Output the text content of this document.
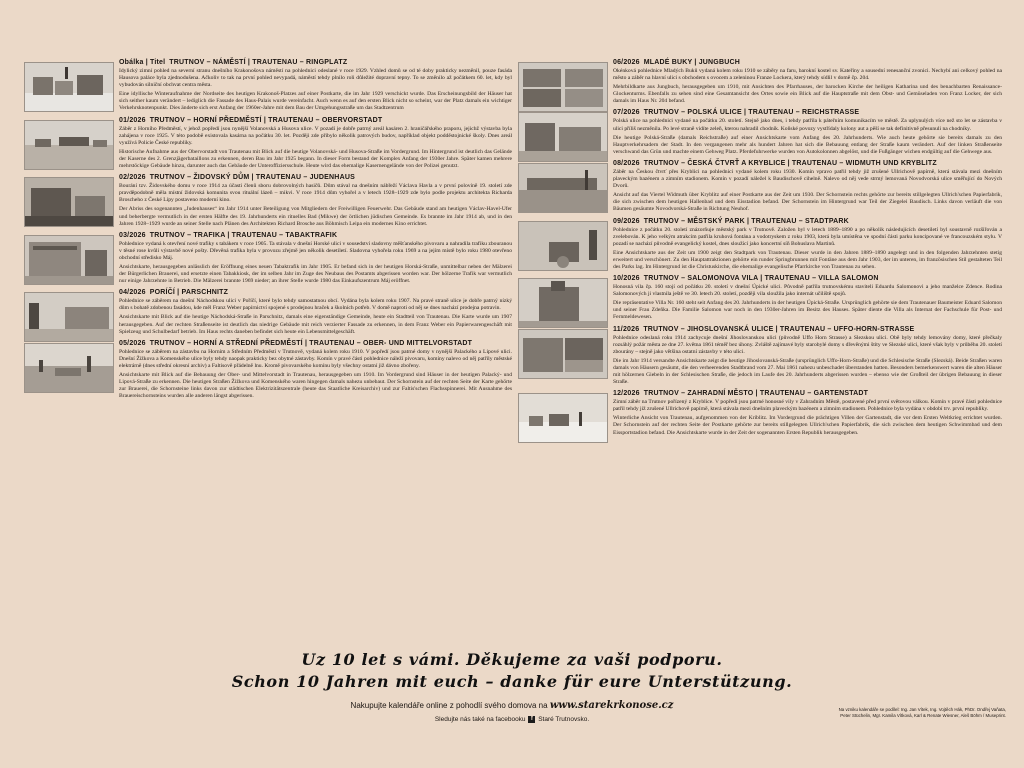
Obálka | Titel TRUTNOV – NÁMĚSTÍ | TRAUTENAU – RINGPLATZ

Idylický zimní pohled na severní stranu dnešního Krakonošova náměstí na pohlednici odeslané v roce 1929. Vzhled domů se od té doby prakticky nezměnil, pouze fasáda Hausova paláce byla zjednodušena. Ačkoliv to tak na první pohled nevypadá, náměstí tehdy plnilo roli důležité dopravní tepny. To se změnilo až počátkem 60. let, kdy byl vybudován silniční obchvat centra města.

Eine idyllische Winteraufnahme der Nordseite des heutigen Krakonoš-Platzes auf einer Postkarte, die im Jahr 1929 verschickt wurde. Das Erscheinungsbild der Häuser hat sich seither kaum verändert – lediglich die Fassade des Haus-Palais wurde vereinfacht. Auch wenn es auf den ersten Blick nicht so scheint, war der Platz damals ein wichtiger Verkehrsknotenpunkt. Dies änderte sich erst Anfang der 1960er-Jahre mit dem Bau der Umgehungsstraße um das Stadtzentrum

01/2026 TRUTNOV – HORNÍ PŘEDMĚSTÍ | TRAUTENAU – OBERVORSTADT

Záběr z Horního Předměstí, v jehož popředí jsou nynější Volanovská a Husova ulice. V pozadí je dobře patrný areál kasáren 2. hraničářského praporu, jejichž výstavba byla zahájena v roce 1925. V této podobě existovala kasárna na počátku 30. let. Později zde přibylo několik patrových budov, například objekt podděstojnické školy. Dnes areál využívá Policie České republiky.

Historische Aufnahme aus der Obervorstadt von Trautenau mit Blick auf die heutige Volanovská- und Husova-Straße im Vordergrund. Im Hintergrund ist deutlich das Gelände der Kaserne des 2. Grenzjägerbataillons zu erkennen, deren Bau im Jahr 1925 begann. In dieser Form bestand der Komplex Anfang der 1930er Jahre. Später kamen mehrere mehrstöckige Gebäude hinzu, darunter auch das Gebäude der Unteroffiziersschule. Heute wird das ehemalige Kasernengelände von der Polizei genutzt.

02/2026 TRUTNOV – ŽIDOVSKÝ DŮM | TRAUTENAU – JUDENHAUS

Bourání tzv. Židovského domu v roce 1914 za účasti členů sboru dobrovolných hasičů. Dům stával na dnešním nábřeží Václava Havla a v první polovině 19. století zde pravděpodobně měla místní židovská komunita svou rituální lázeň – mikvi. V roce 1914 dům vyhořel a v letech 1928–1929 zde bylo podle projektu architekta Richarda Broscheho z České Lípy postaveno moderní kino.

Der Abriss des sogenannten „Judenhauses“ im Jahr 1914 unter Beteiligung von Mitgliedern der Freiwilligen Feuerwehr. Das Gebäude stand am heutigen Václav-Havel-Ufer und beherbergte vermutlich in der ersten Hälfte des 19. Jahrhunderts ein rituelles Bad (Mikwe) der örtlichen jüdischen Gemeinde. Es brannte im Jahr 1914 ab, und in den Jahren 1928–1929 wurde an seiner Stelle nach Plänen des Architekten Richard Brosche aus Böhmisch Leipa ein modernes Kino errichtet.

03/2026 TRUTNOV – TRAFIKA | TRAUTENAU – TABAKTRAFIK

Pohlednice vydaná k otevření nové trafiky s tabákem v roce 1905. Ta stávala v dnešní Horské ulici v sousedství sladovny měšťanského pivovaru a nahradila trafiku zbouranou v těsné rose kvůli výstavbě nové pošty. Dřevěná trafika byla v provozu zřejmě jen několik desetiletí. Sladovna vyhořela roku 1969 a na jejím místě bylo roku 1980 otevřeno obchodní středisko Máj.

Ansichtskarte, herausgegeben anlässlich der Eröffnung eines neuen Tabaktrafik im Jahr 1905. Er befand sich in der heutigen Horská-Straße, unmittelbar neben der Mälzerei der Bürgerlichen Brauerei, und ersetzte einen Tabakkiosk, der im selben Jahr im Zuge des Neubaus des Postamts abgerissen worden war. Der hölzerne Trafik war vermutlich nur einige Jahrzehnte in Betrieb. Die Mälzerei brannte 1969 nieder; an ihrer Stelle wurde 1980 das Einkaufszentrum Máj eröffnet.

04/2026 PORÍČÍ | PARSCHNITZ

Pohlednice se záběrem na dnešní Náchodskou ulici v Poříčí, které bylo tehdy samostatnou obcí. Vydána byla kolem roku 1907. Na pravé straně ulice je dobře patrný nízký dům s bohatě zdobenou fasádou, kde měl Franz Weber papírnictví spojené s prodejnou hraček a školních potřeb. V domě naproti od něj se dnes nachází prodejna potravin.

Ansichtskarte mit Blick auf die heutige Náchodská-Straße in Parschnitz, damals eine eigenständige Gemeinde, heute ein Stadtteil von Trautenau. Die Karte wurde um 1907 herausgegeben. Auf der rechten Straßenseite ist deutlich das niedrige Gebäude mit reich verzierter Fassade zu erkennen, in dem Franz Weber ein Papierwarengeschäft mit Spielzeug und Schulbedarf betrieb. Im Haus rechts daneben befindet sich heute ein Lebensmittelgeschäft.

05/2026 TRUTNOV – HORNÍ A STŘEDNÍ PŘEDMĚSTÍ | TRAUTENAU – OBER- UND MITTELVORSTADT

Pohlednice se záběrem na zástavbu na Horním a Středním Předměstí v Trutnově, vydaná kolem roku 1910. V popředí jsou patrné domy v nynější Palackého a Lipové ulici. Dnešní Žižkova a Komenského ulice byly tehdy naopak prakticky bez obytné zástavby. Komín v pravé části pohlednice náleží pivovaru, komíny nalevo od něj patřily městské elektrárně (dnes střední okresní archiv) a Faltisově přádelně lnu. Kromě pivovarského komínu byly všechny ostatní již dávno zbořeny.

Ansichtskarte mit Blick auf die Bebauung der Ober- und Mittelvorstadt in Trautenau, herausgegeben um 1910. Im Vordergrund sind Häuser in der heutigen Palacký- und Lipová-Straße zu erkennen. Die heutigen Straßen Žižkova und Komenského waren hingegen damals nahezu unbebaut. Der Schornstein auf der rechten Seite der Karte gehörte zur Brauerei, die Schornsteine links davon zur städtischen Elektrizitätszentrale (heute das Staatliche Kreisarchiv) und zur Faltis'schen Flachsspinnerei. Mit Ausnahme des Brauereischornsteins wurden alle anderen längst abgerissen.

06/2026 MLADÉ BUKY | JUNGBUCH

Okénková pohlednice Mladých Buků vydaná kolem roku 1910 se záběry na faru, barokní kostel sv. Kateřiny a sousední renesanční zvonici. Nechybí ani celkový pohled na město a záběr na hlavní ulici s obchodem s ovocem a zeleninou Franze Lockera, který tehdy sídlil v domě čp. 204.

Mehrbildkarte aus Jungbuch, herausgegeben um 1910, mit Ansichten des Pfarrhauses, der barocken Kirche der heiligen Katharina und des benachbarten Renaissance-Glockenturms. Ebenfalls zu sehen sind eine Gesamtansicht des Ortes sowie ein Blick auf die Hauptstraße mit dem Obst- und Gemüseladen von Franz Locker, der sich damals im Haus Nr. 204 befand.

07/2026 TRUTNOV – POLSKÁ ULICE | TRAUTENAU – REICHSTRASSE

Polská ulice na pohlednici vydané na počátku 20. století. Stejně jako dnes, i tehdy patřila k páteřním komunikacím ve městě. Za uplynulých více než sto let se zástavba v ulici příliš nezměnila. Po levé straně vidíte zeleň, kterou nahradil chodník. Koňské povozy vystřídaly kolony aut a pěší se tak definitivně přesunuli na chodníky.

Die heutige Polská-Straße (damals Reichstraße) auf einer Ansichtskarte vom Anfang des 20. Jahrhunderts. Wie auch heute gehörte sie bereits damals zu den Hauptverkehrsadern der Stadt. In den vergangenen mehr als hundert Jahren hat sich die Bebauung entlang der Straße kaum verändert. Auf der linken Straßenseite verschwand das Grün und machte einem Gehweg Platz. Pferdefuhrwerke wurden von Autokolonnen abgelöst, und die Fußgänger wichen endgültig auf die Gehwege aus.

08/2026 TRUTNOV – ČESKÁ ČTVRŤ A KRYBLICE | TRAUTENAU – WIDMUTH UND KRYBLITZ

Záběr na Českou čtvrť přes Kryblici na pohlednici vydané kolem roku 1930. Komín vpravo patřil tehdy již zrušené Ullrichově papírně, která stávala mezi dnešním plaveckým bazénem a zimním stadionem. Komín v pozadí náležel k Baudischově cihelně. Nalevo od něj vede strmý lemovaná Novodvorská ulice směřující do Nových Dvorů.

Ansicht auf das Viertel Widmuth über Kryblitz auf einer Postkarte aus der Zeit um 1930. Der Schornstein rechts gehörte zur bereits stillgelegten Ullrich'schen Papierfabrik, die sich zwischen dem heutigen Hallenbad und dem Eisstadion befand. Der Schornstein im Hintergrund war Teil der Ziegelei Baudisch. Links davon verläuft die von Bäumen gesäumte Novodvorská-Straße in Richtung Neuhof.

09/2026 TRUTNOV – MĚSTSKÝ PARK | TRAUTENAU – STADTPARK

Pohlednice z počátku 20. století znázorňuje městský park v Trutnově. Založen byl v letech 1889–1890 a po několik následujících desetiletí byl soustavně rozšiřován a zvelebován. K jeho velkým atrakcím patřila kruhová fontána a vodotryskem z roku 1903, která byla umístěna ve spodní části parku koncipované ve francouzském stylu. V pozadí se nachází původně evangelický kostel, dnes sloužící jako koncertní síň Bohuslava Martinů.

Eine Ansichtskarte aus der Zeit um 1900 zeigt den Stadtpark von Trautenau. Dieser wurde in den Jahren 1889–1890 angelegt und in den folgenden Jahrzehnten stetig erweitert und verschönert. Zu den Hauptattraktionen gehörte ein runder Springbrunnen mit Fontäne aus dem Jahr 1903, der im unteren, im französischen Stil gestalteten Teil des Parks lag. Im Hintergrund ist die Christuskirche, die ehemalige evangelische Pfarrkirche von Trautenau zu sehen.

10/2026 TRUTNOV – SALOMONOVA VILA | TRAUTENAU – VILLA SALOMON

Honosná vila čp. 160 stojí od počátku 20. století v dnešní Úpické ulici. Původně patřila trutnovskému staviteli Eduardu Salomonovi a jeho manželce Zdence. Rodina Salomonových ji vlastnila ještě ve 30. letech 20. století, později vila sloužila jako internát učiliště spojů.

Die repräsentative Villa Nr. 160 steht seit Anfang des 20. Jahrhunderts in der heutigen Úpická-Straße. Ursprünglich gehörte sie dem Trautenauer Baumeister Eduard Salomon und seiner Frau Zdeňka. Die Familie Salomon war noch in den 1930er-Jahren im Besitz des Hauses. Später diente die Villa als Internat der Fachschule für Post- und Fernmeldewesen.

11/2026 TRUTNOV – JIHOSLOVANSKÁ ULICE | TRAUTENAU – UFFO-HORN-STRASSE

Pohlednice odeslaná roku 1914 zachycuje dnešní Jihoslovanskou ulici (původně Uffo Horn Strasse) a Slezskou ulici. Obě byly tehdy lemovány domy, které přečkaly rozsáhlý požár města ze dne 27. května 1861 téměř bez úhony. Zvláště zajímavé byly starobylé domy s dřevěnými štíty ve Slezské ulici, které však byly v průběhu 20. století zbourány – stejně jako většina ostatní zástavby v této ulici.

Die im Jahr 1914 versandte Ansichtskarte zeigt die heutige Jihoslovanská-Straße (ursprünglich Uffo-Horn-Straße) und die Schlesische Straße (Slezská). Beide Straßen waren damals von Häusern gesäumt, die den verheerenden Stadtbrand vom 27. Mai 1861 nahezu unbeschadet überstanden hatten. Besonders bemerkenswert waren die alten Häuser mit hölzernen Giebeln in der Schlesischen Straße, die jedoch im Laufe des 20. Jahrhunderts abgerissen wurden – ebenso wie der Großteil der übrigen Bebauung in dieser Straße.

12/2026 TRUTNOV – ZAHRADNÍ MĚSTO | TRAUTENAU – GARTENSTADT

Zimní záběr na Trutnov pořízený z Kryblice. V popředí jsou patrné honosné vily v Zahradním Městě, postavené před první světovou válkou. Komín v pravé části pohlednice patřil tehdy již zrušené Ullrichově papírně, která stávala mezi dnešním plaveckým bazénem a zimním stadionem. Pohlednice byla vydána v období trv. první republiky.

Winterliche Ansicht von Trautenau, aufgenommen von der Kriblitz. Im Vordergrund die prächtigen Villen der Gartenstadt, die vor dem Ersten Weltkrieg errichtet wurden. Der Schornstein auf der rechten Seite der Postkarte gehörte zur bereits stillgelegten Ullrich'schen Papierfabrik, die sich zwischen dem heutigen Schwimmbad und dem Eissportstadion befand. Die Ansichtskarte wurde in der Zeit der sogenannten Ersten Republik herausgegeben.

Uz 10 let s vámi. Děkujeme za vaši podporu.
Schon 10 Jahren mit euch – danke für eure Unterstützung.
Nakupujte kalendáře online z pohodlí svého domova na www.starekrkonose.cz
Sledujte nás také na facebooku f Staré Trutnovsko.
Na vzniku kalendáře se podílel: Ing. Jan Vítek, Ing. Vojtěch Hák, PhDr. Ondřej Vaňata,
Peter Stüchelin, Mgr. Kamila Vítková, Karl & Renate Wiesner, Aleš Böhm / Museprint.
